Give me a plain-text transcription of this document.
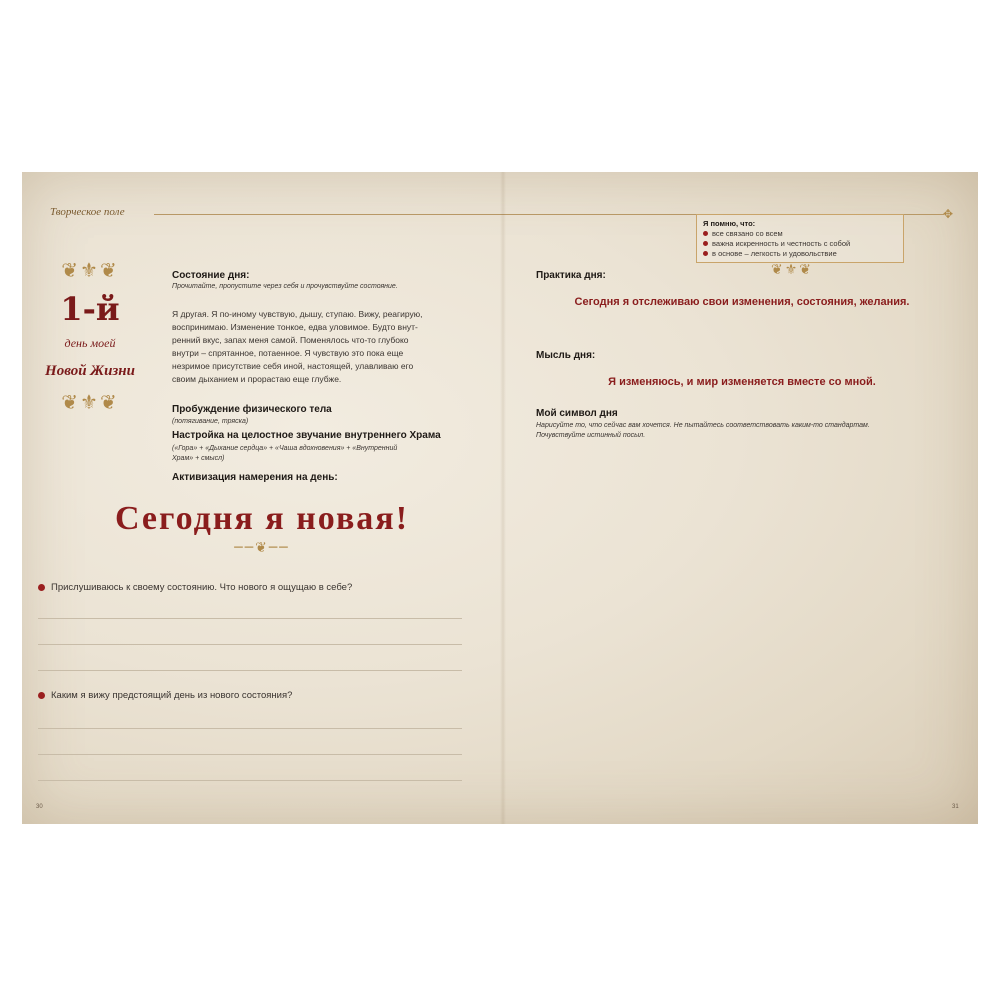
Творческое поле	✥
❦⚜❦
1-й
день моей
Новой Жизни
❦⚜❦
Состояние дня:
Прочитайте, пропустите через себя и прочувствуйте состояние.
Я другая. Я по-иному чувствую, дышу, ступаю. Вижу, реагирую,
воспринимаю. Изменение тонкое, едва уловимое. Будто внут-
ренний вкус, запах меня самой. Поменялось что-то глубоко
внутри – спрятанное, потаенное. Я чувствую это пока еще
незримое присутствие себя иной, настоящей, улавливаю его
своим дыханием и прорастаю еще глубже.
Пробуждение физического тела
(потягивание, тряска)
Настройка на целостное звучание внутреннего Храма
(«Гора» + «Дыхание сердца» + «Чаша вдохновения» + «Внутренний
Храм» + смысл)
Активизация намерения на день:
Сегодня я новая!
──❦──
Прислушиваюсь к своему состоянию. Что нового я ощущаю в себе?
Каким я вижу предстоящий день из нового состояния?
30
Я помню, что:
все связано со всем
важна искренность и честность с собой
в основе – легкость и удовольствие
❦⚜❦
Практика дня:
Сегодня я отслеживаю свои изменения, состояния, желания.
Мысль дня:
Я изменяюсь, и мир изменяется вместе со мной.
Мой символ дня
Нарисуйте то, что сейчас вам хочется. Не пытайтесь соответствовать каким-то стандартам.
Почувствуйте истинный посыл.
31
